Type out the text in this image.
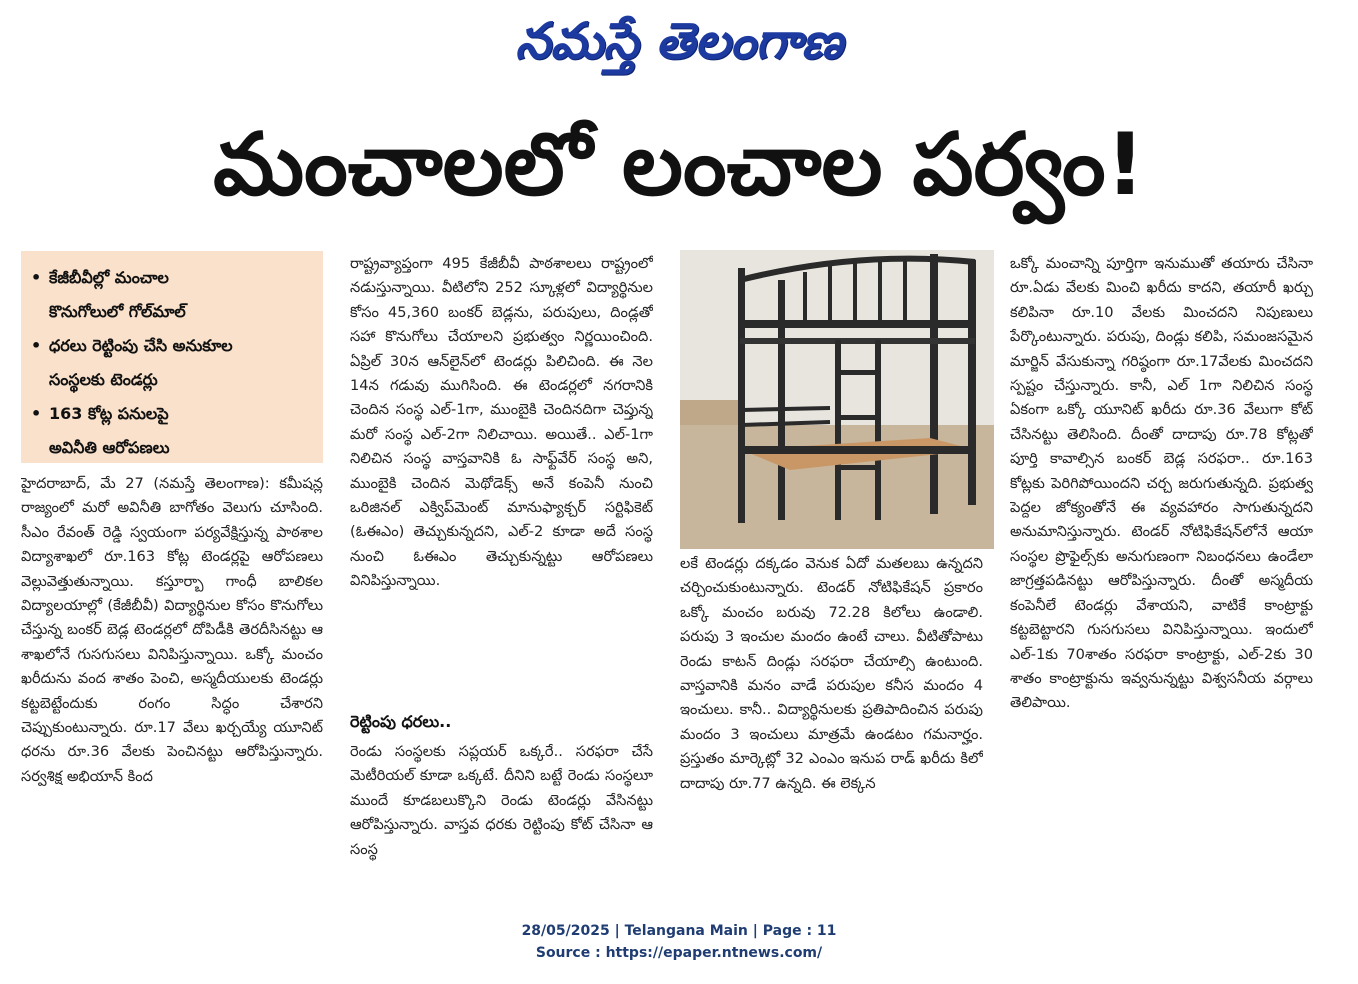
నమస్తే తెలంగాణ
మంచాలలో లంచాల పర్వం!
• కేజీబీవీల్లో మంచాల
కొనుగోలులో గోల్‌మాల్
• ధరలు రెట్టింపు చేసి అనుకూల
సంస్థలకు టెండర్లు
• 163 కోట్ల పనులపై
అవినీతి ఆరోపణలు

హైదరాబాద్, మే 27 (నమస్తే తెలంగాణ): కమీషన్ల రాజ్యంలో మరో అవినీతి బాగోతం వెలుగు చూసింది. సీఎం రేవంత్ రెడ్డి స్వయంగా పర్యవేక్షిస్తున్న పాఠశాల విద్యాశాఖలో రూ.163 కోట్ల టెండర్లపై ఆరోపణలు వెల్లువెత్తుతున్నాయి. కస్తూర్బా గాంధీ బాలికల విద్యాలయాల్లో (కేజీబీవీ) విద్యార్థినుల కోసం కొనుగోలు చేస్తున్న బంకర్ బెడ్ల టెండర్లలో దోపిడీకి తెరదీసినట్టు ఆ శాఖలోనే గుసగుసలు వినిపిస్తున్నాయి. ఒక్కో మంచం ఖరీదును వంద శాతం పెంచి, అస్మదీయులకు టెండర్లు కట్టబెట్టేందుకు రంగం సిద్ధం చేశారని చెప్పుకుంటున్నారు. రూ.17 వేలు ఖర్చయ్యే యూనిట్ ధరను రూ.36 వేలకు పెంచినట్టు ఆరోపిస్తున్నారు. సర్వశిక్ష అభియాన్ కింద

రాష్ట్రవ్యాప్తంగా 495 కేజీబీవీ పాఠశాలలు రాష్ట్రంలో నడుస్తున్నాయి. వీటిలోని 252 స్కూళ్లలో విద్యార్థినుల కోసం 45,360 బంకర్ బెడ్లను, పరుపులు, దిండ్లతో సహా కొనుగోలు చేయాలని ప్రభుత్వం నిర్ణయించింది. ఏప్రిల్ 30న ఆన్‌లైన్‌లో టెండర్లు పిలిచింది. ఈ నెల 14న గడువు ముగిసింది. ఈ టెండర్లలో నగరానికి చెందిన సంస్థ ఎల్-1గా, ముంబైకి చెందినదిగా చెప్తున్న మరో సంస్థ ఎల్-2గా నిలిచాయి. అయితే.. ఎల్-1గా నిలిచిన సంస్థ వాస్తవానికి ఓ సాఫ్ట్‌వేర్ సంస్థ అని, ముంబైకి చెందిన మెథోడెక్స్ అనే కంపెనీ నుంచి ఒరిజినల్ ఎక్విప్‌మెంట్ మానుఫ్యాక్చర్ సర్టిఫికెట్ (ఓఈఎం) తెచ్చుకున్నదని, ఎల్-2 కూడా అదే సంస్థ నుంచి ఓఈఎం తెచ్చుకున్నట్టు ఆరోపణలు వినిపిస్తున్నాయి.

రెట్టింపు ధరలు..

రెండు సంస్థలకు సప్లయర్ ఒక్కరే.. సరఫరా చేసే మెటీరియల్ కూడా ఒక్కటే. దీనిని బట్టే రెండు సంస్థలూ ముందే కూడబలుక్కొని రెండు టెండర్లు వేసినట్టు ఆరోపిస్తున్నారు. వాస్తవ ధరకు రెట్టింపు కోట్ చేసినా ఆ సంస్థ

లకే టెండర్లు దక్కడం వెనుక ఏదో మతలబు ఉన్నదని చర్చించుకుంటున్నారు. టెండర్ నోటిఫికేషన్ ప్రకారం ఒక్కో మంచం బరువు 72.28 కిలోలు ఉండాలి. పరుపు 3 ఇంచుల మందం ఉంటే చాలు. వీటితోపాటు రెండు కాటన్ దిండ్లు సరఫరా చేయాల్సి ఉంటుంది. వాస్తవానికి మనం వాడే పరుపుల కనీస మందం 4 ఇంచులు. కానీ.. విద్యార్థినులకు ప్రతిపాదించిన పరుపు మందం 3 ఇంచులు మాత్రమే ఉండటం గమనార్హం. ప్రస్తుతం మార్కెట్లో 32 ఎంఎం ఇనుప రాడ్ ఖరీదు కిలో దాదాపు రూ.77 ఉన్నది. ఈ లెక్కన

ఒక్కో మంచాన్ని పూర్తిగా ఇనుముతో తయారు చేసినా రూ.ఏడు వేలకు మించి ఖరీదు కాదని, తయారీ ఖర్చు కలిపినా రూ.10 వేలకు మించదని నిపుణులు పేర్కొంటున్నారు. పరుపు, దిండ్లు కలిపి, సమంజసమైన మార్జిన్ వేసుకున్నా గరిష్ఠంగా రూ.17వేలకు మించదని స్పష్టం చేస్తున్నారు. కానీ, ఎల్ 1గా నిలిచిన సంస్థ ఏకంగా ఒక్కో యూనిట్ ఖరీదు రూ.36 వేలుగా కోట్ చేసినట్టు తెలిసింది. దీంతో దాదాపు రూ.78 కోట్లతో పూర్తి కావాల్సిన బంకర్ బెడ్ల సరఫరా.. రూ.163 కోట్లకు పెరిగిపోయిందని చర్చ జరుగుతున్నది. ప్రభుత్వ పెద్దల జోక్యంతోనే ఈ వ్యవహారం సాగుతున్నదని అనుమానిస్తున్నారు. టెండర్ నోటిఫికేషన్‌లోనే ఆయా సంస్థల ప్రొఫైల్స్‌కు అనుగుణంగా నిబంధనలు ఉండేలా జాగ్రత్తపడినట్టు ఆరోపిస్తున్నారు. దీంతో అస్మదీయ కంపెనీలే టెండర్లు వేశాయని, వాటికే కాంట్రాక్టు కట్టబెట్టారని గుసగుసలు వినిపిస్తున్నాయి. ఇందులో ఎల్-1కు 70శాతం సరఫరా కాంట్రాక్టు, ఎల్-2కు 30 శాతం కాంట్రాక్టును ఇవ్వనున్నట్టు విశ్వసనీయ వర్గాలు తెలిపాయి.

28/05/2025 | Telangana Main | Page : 11
Source : https://epaper.ntnews.com/
